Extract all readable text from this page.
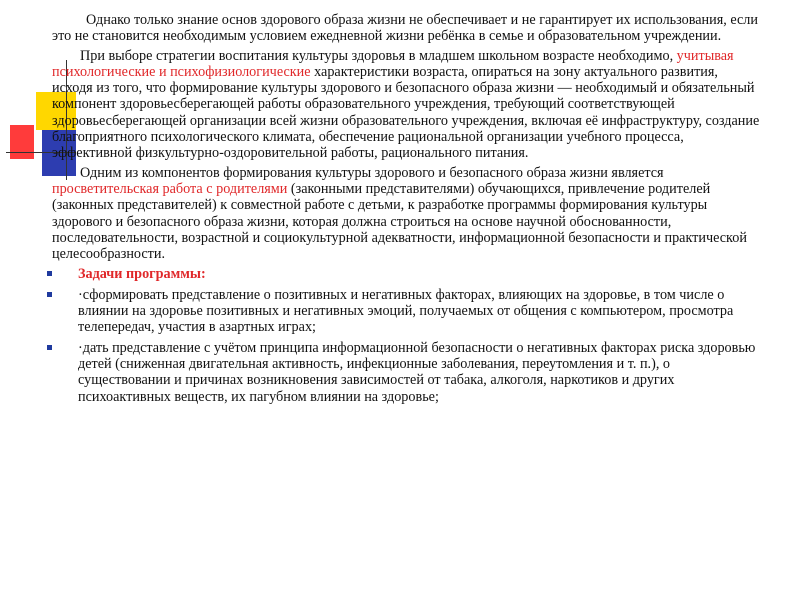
Однако только знание основ здорового образа жизни не обеспечивает и не гарантирует их использования, если это не становится необходимым условием ежедневной жизни ребёнка в семье и образовательном учреждении.

При выборе стратегии воспитания культуры здоровья в младшем школьном возрасте необходимо, учитывая психологические и психофизиологические характеристики возраста, опираться на зону актуального развития, исходя из того, что формирование культуры здорового и безопасного образа жизни — необходимый и обязательный компонент здоровьесберегающей работы образовательного учреждения, требующий соответствующей здоровьесберегающей организации всей жизни образовательного учреждения, включая её инфраструктуру, создание благоприятного психологического климата, обеспечение рациональной организации учебного процесса, эффективной физкультурно-оздоровительной работы, рационального питания.

Одним из компонентов формирования культуры здорового и безопасного образа жизни является просветительская работа с родителями (законными представителями) обучающихся, привлечение родителей (законных представителей) к совместной работе с детьми, к разработке программы формирования культуры здорового и безопасного образа жизни, которая должна строиться на основе научной обоснованности, последовательности, возрастной и социокультурной адекватности, информационной безопасности и практической целесообразности.

Задачи программы:
·сформировать представление о позитивных и негативных факторах, влияющих на здоровье, в том числе о влиянии на здоровье позитивных и негативных эмоций, получаемых от общения с компьютером, просмотра телепередач, участия в азартных играх;
·дать представление с учётом принципа информационной безопасности о негативных факторах риска здоровью детей (сниженная двигательная активность, инфекционные заболевания, переутомления и т. п.), о существовании и причинах возникновения зависимостей от табака, алкоголя, наркотиков и других психоактивных веществ, их пагубном влиянии на здоровье;
